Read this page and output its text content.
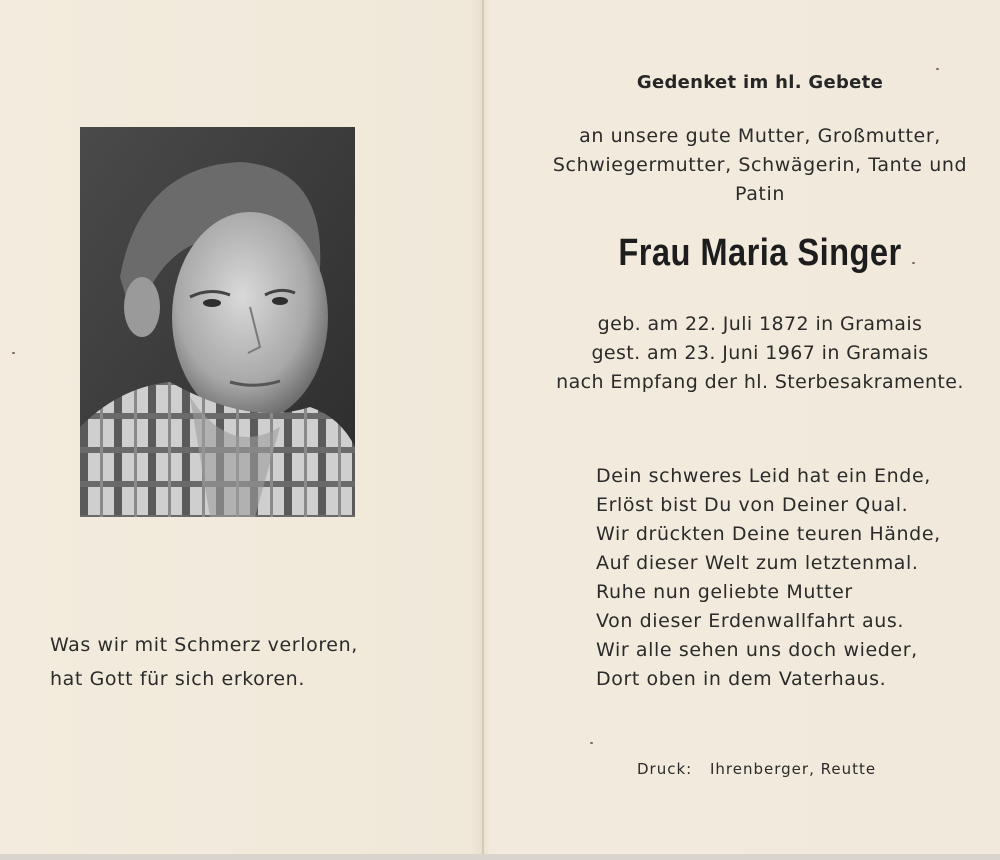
Was wir mit Schmerz verloren,
hat Gott für sich erkoren.
Gedenket im hl. Gebete
an unsere gute Mutter, Großmutter,
Schwiegermutter, Schwägerin, Tante und
Patin
Frau Maria Singer
geb. am 22. Juli 1872 in Gramais
gest. am 23. Juni 1967 in Gramais
nach Empfang der hl. Sterbesakramente.
Dein schweres Leid hat ein Ende,
Erlöst bist Du von Deiner Qual.
Wir drückten Deine teuren Hände,
Auf dieser Welt zum letztenmal.
Ruhe nun geliebte Mutter
Von dieser Erdenwallfahrt aus.
Wir alle sehen uns doch wieder,
Dort oben in dem Vaterhaus.
Druck: Ihrenberger, Reutte
